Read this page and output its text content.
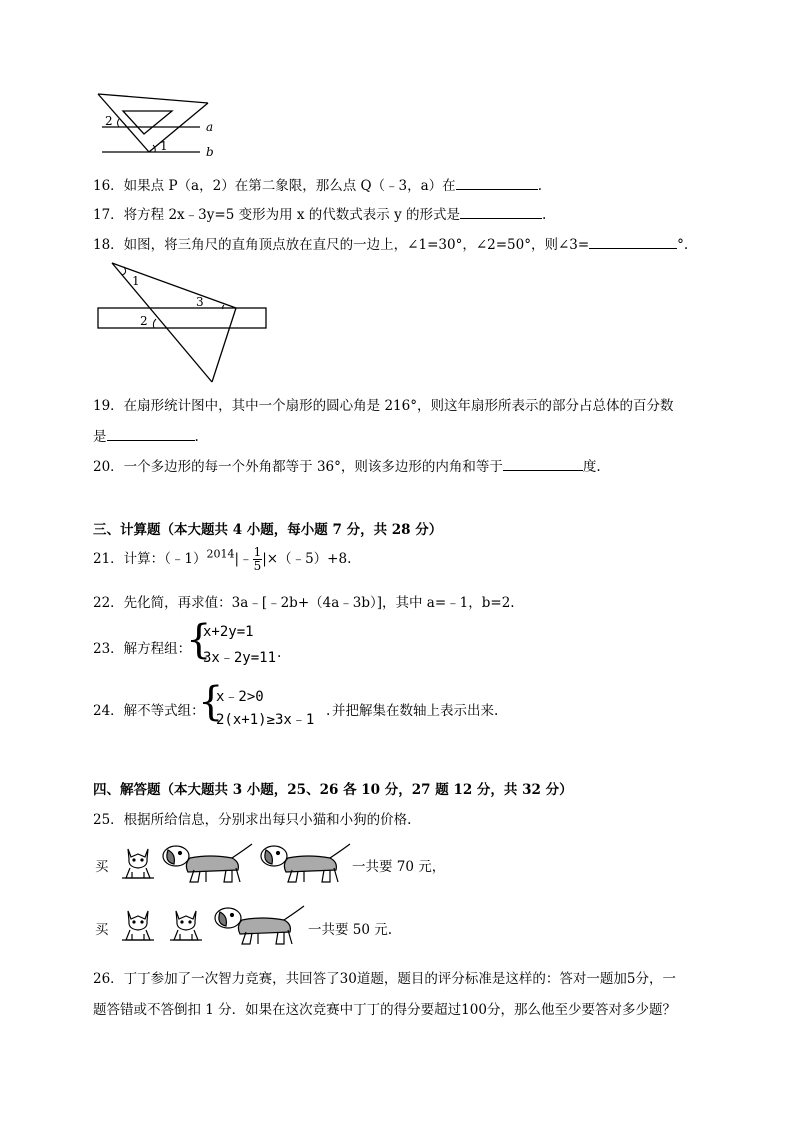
2
1
a
b
16．如果点 P（a，2）在第二象限，那么点 Q（﹣3，a）在	.
17．将方程 2x﹣3y=5 变形为用 x 的代数式表示 y 的形式是	.
18．如图，将三角尺的直角顶点放在直尺的一边上，∠1=30°，∠2=50°，则∠3=	°.
1
3
2
19．在扇形统计图中，其中一个扇形的圆心角是 216°，则这年扇形所表示的部分占总体的百分数
是	.
20．一个多边形的每一个外角都等于 36°，则该多边形的内角和等于	度.
三、计算题（本大题共 4 小题，每小题 7 分，共 28 分）
21．计算：（﹣1）$^{2014}$|﹣ $\frac{1}{5}$ |×（﹣5）+8.
22．先化简，再求值：3a﹣[﹣2b+（4a﹣3b）]，其中 a=﹣1，b=2.
23．解方程组：
{
x+2y=1
3x﹣2y=11 .
24．解不等式组：
{
x﹣2>0
2(x+1)≥3x﹣1
. 并把解集在数轴上表示出来.
四、解答题（本大题共 3 小题，25、26 各 10 分，27 题 12 分，共 32 分）
25．根据所给信息，分别求出每只小猫和小狗的价格.
买	一共要 70 元，
买	一共要 50 元.
26．丁丁参加了一次智力竞赛，共回答了30道题，题目的评分标准是这样的：答对一题加5分，一
题答错或不答倒扣 1 分．如果在这次竞赛中丁丁的得分要超过100分，那么他至少要答对多少题？
